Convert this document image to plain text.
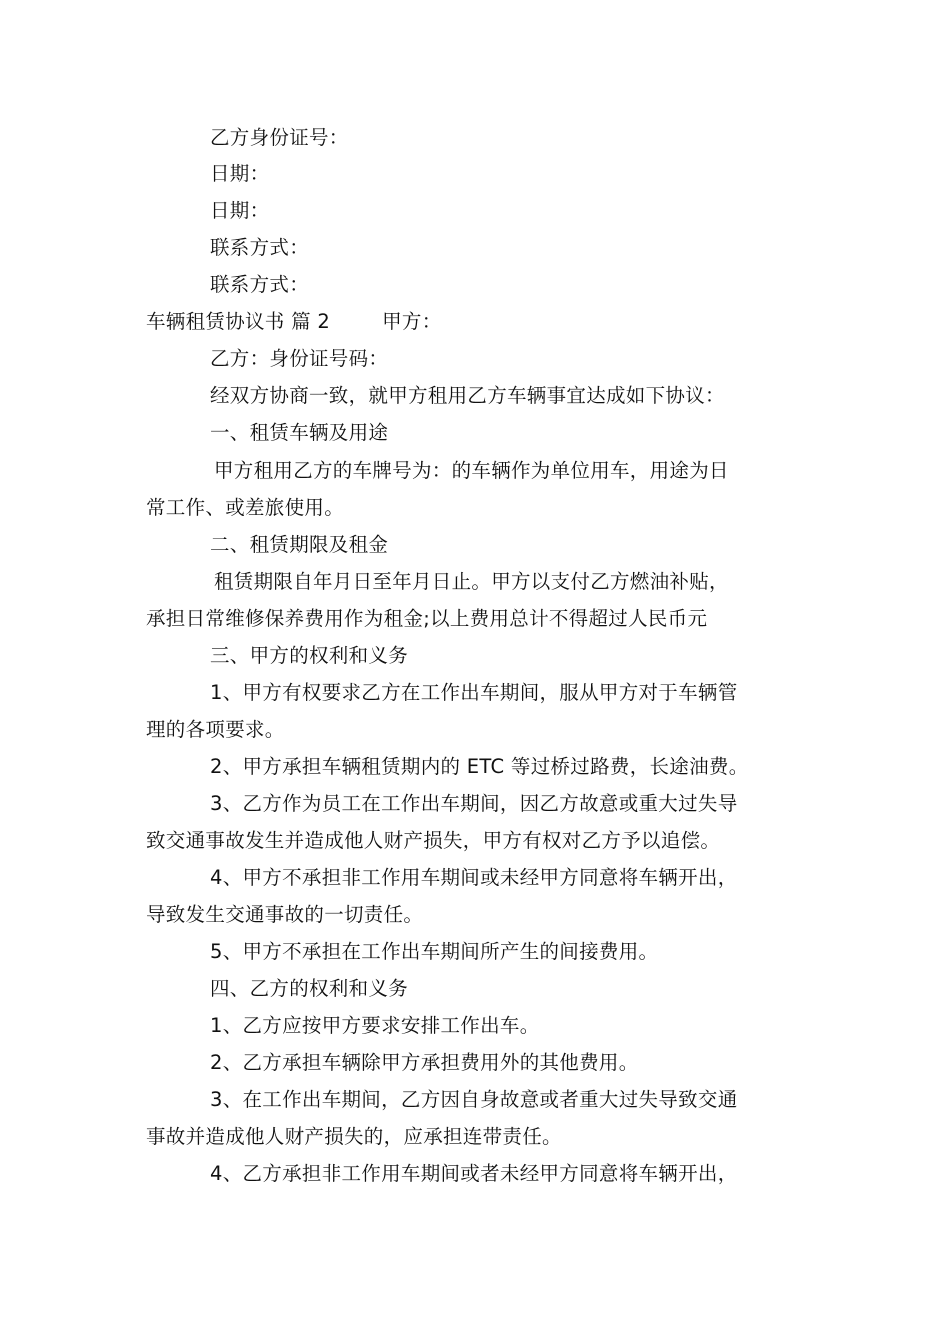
乙方身份证号：
日期：
日期：
联系方式：
联系方式：
车辆租赁协议书 篇 2	甲方：
乙方：身份证号码：
经双方协商一致，就甲方租用乙方车辆事宜达成如下协议：
一、租赁车辆及用途
甲方租用乙方的车牌号为：的车辆作为单位用车，用途为日
常工作、或差旅使用。
二、租赁期限及租金
租赁期限自年月日至年月日止。甲方以支付乙方燃油补贴，
承担日常维修保养费用作为租金;以上费用总计不得超过人民币元
三、甲方的权利和义务
1、甲方有权要求乙方在工作出车期间，服从甲方对于车辆管
理的各项要求。
2、甲方承担车辆租赁期内的 ETC 等过桥过路费，长途油费。
3、乙方作为员工在工作出车期间，因乙方故意或重大过失导
致交通事故发生并造成他人财产损失，甲方有权对乙方予以追偿。
4、甲方不承担非工作用车期间或未经甲方同意将车辆开出，
导致发生交通事故的一切责任。
5、甲方不承担在工作出车期间所产生的间接费用。
四、乙方的权利和义务
1、乙方应按甲方要求安排工作出车。
2、乙方承担车辆除甲方承担费用外的其他费用。
3、在工作出车期间，乙方因自身故意或者重大过失导致交通
事故并造成他人财产损失的，应承担连带责任。
4、乙方承担非工作用车期间或者未经甲方同意将车辆开出，
